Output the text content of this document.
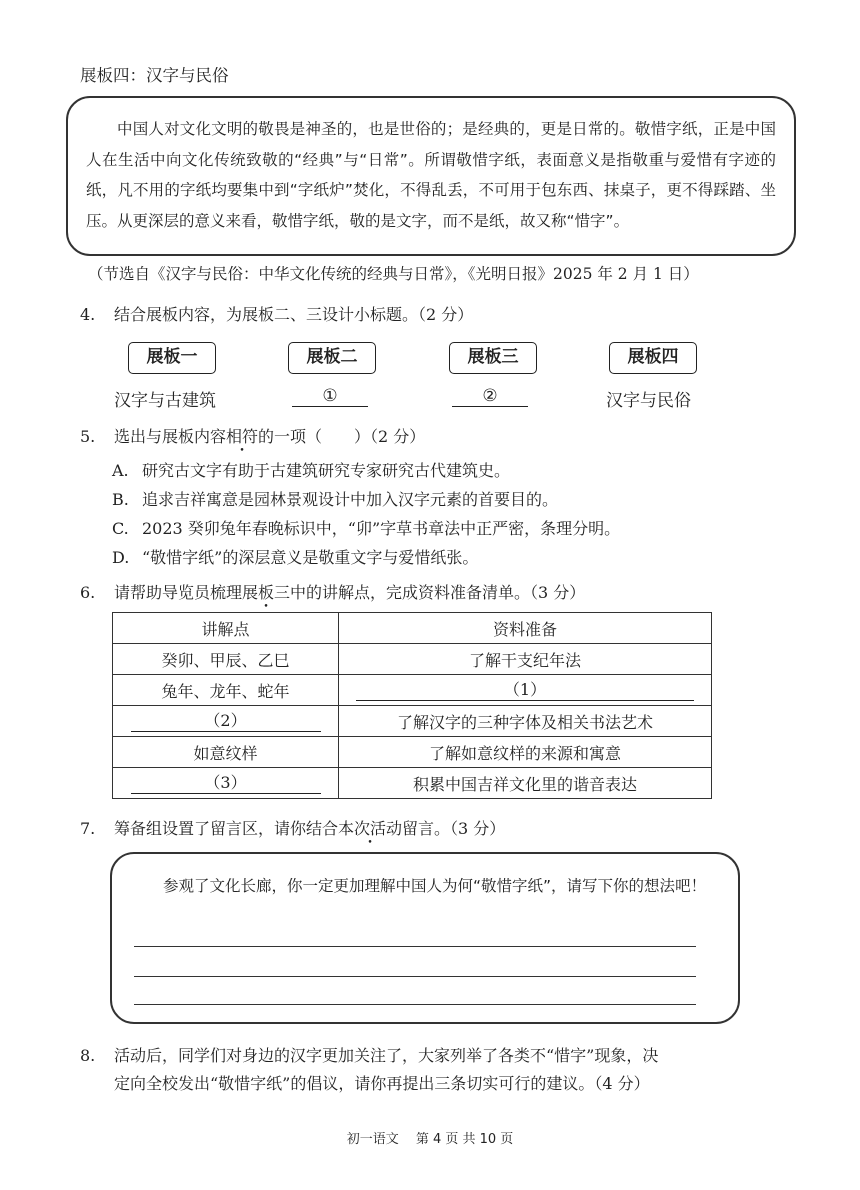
展板四：汉字与民俗

中国人对文化文明的敬畏是神圣的，也是世俗的；是经典的，更是日常的。敬惜字纸，正是中国人在生活中向文化传统致敬的“经典”与“日常”。所谓敬惜字纸，表面意义是指敬重与爱惜有字迹的纸，凡不用的字纸均要集中到“字纸炉”焚化，不得乱丢，不可用于包东西、抹桌子，更不得踩踏、坐压。从更深层的意义来看，敬惜字纸，敬的是文字，而不是纸，故又称“惜字”。

（节选自《汉字与民俗：中华文化传统的经典与日常》，《光明日报》2025 年 2 月 1 日）
4. 结合展板内容，为展板二、三设计小标题。（2 分）
展板一	展板二	展板三	展板四
汉字与古建筑	①	②	汉字与民俗
5. 选出与展板内容相符的一项（　　）（2 分）
A. 研究古文字有助于古建筑研究专家研究古代建筑史。
B. 追求吉祥寓意是园林景观设计中加入汉字元素的首要目的。
C. 2023 癸卯兔年春晚标识中，“卯”字草书章法中正严密，条理分明。
D. “敬惜字纸”的深层意义是敬重文字与爱惜纸张。
6. 请帮助导览员梳理展板三中的讲解点，完成资料准备清单。（3 分）
讲解点	资料准备
癸卯、甲辰、乙巳	了解干支纪年法
兔年、龙年、蛇年	（1）
（2）	了解汉字的三种字体及相关书法艺术
如意纹样	了解如意纹样的来源和寓意
（3）	积累中国吉祥文化里的谐音表达
7. 筹备组设置了留言区，请你结合本次活动留言。（3 分）

参观了文化长廊，你一定更加理解中国人为何“敬惜字纸”，请写下你的想法吧！

8. 活动后，同学们对身边的汉字更加关注了，大家列举了各类不“惜字”现象，决
定向全校发出“敬惜字纸”的倡议，请你再提出三条切实可行的建议。（4 分）
初一语文　 第 4 页 共 10 页
